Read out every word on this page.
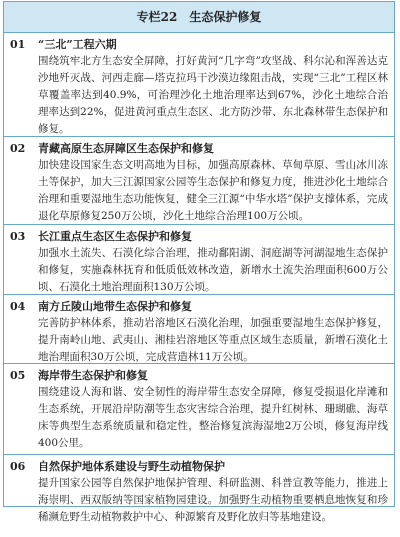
专栏22　生态保护修复
01	“三北”工程六期
围绕筑牢北方生态安全屏障，打好黄河“几字弯”攻坚战、科尔沁和浑善达克沙地歼灭战、河西走廊—塔克拉玛干沙漠边缘阻击战，实现“三北”工程区林草覆盖率达到40.9%，可治理沙化土地治理率达到67%，沙化土地综合治理率达到22%，促进黄河重点生态区、北方防沙带、东北森林带生态保护和修复。
02	青藏高原生态屏障区生态保护和修复
加快建设国家生态文明高地为目标，加强高原森林、草甸草原、雪山冰川冻土等保护，加大三江源国家公园等生态保护和修复力度，推进沙化土地综合治理和重要湿地生态功能恢复，健全三江源“中华水塔”保护支撑体系，完成退化草原修复250万公顷，沙化土地综合治理100万公顷。
03	长江重点生态区生态保护和修复
加强水土流失、石漠化综合治理，推动鄱阳湖、洞庭湖等河湖湿地生态保护和修复，实施森林抚育和低质低效林改造，新增水土流失治理面积600万公顷、石漠化土地治理面积130万公顷。
04	南方丘陵山地带生态保护和修复
完善防护林体系，推动岩溶地区石漠化治理，加强重要湿地生态保护修复，提升南岭山地、武夷山、湘桂岩溶地区等重点区域生态质量，新增石漠化土地治理面积30万公顷，完成营造林11万公顷。
05	海岸带生态保护和修复
围绕建设人海和谐、安全韧性的海岸带生态安全屏障，修复受损退化岸滩和生态系统，开展沿岸防潮等生态灾害综合治理，提升红树林、珊瑚礁、海草床等典型生态系统质量和稳定性，整治修复滨海湿地2万公顷，修复海岸线400公里。
06	自然保护地体系建设与野生动植物保护
提升国家公园等自然保护地保护管理、科研监测、科普宣教等能力，推进上海崇明、西双版纳等国家植物园建设。加强野生动植物重要栖息地恢复和珍稀濒危野生动植物救护中心、种源繁育及野化放归等基地建设。
